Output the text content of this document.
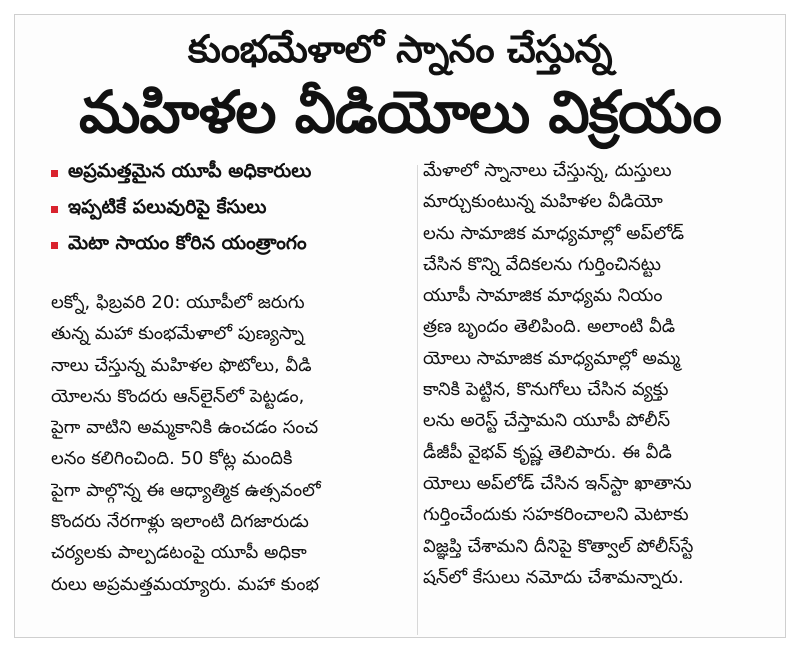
కుంభమేళాలో స్నానం చేస్తున్న
మహిళల వీడియోలు విక్రయం
అప్రమత్తమైన యూపీ అధికారులు
ఇప్పటికే పలువురిపై కేసులు
మెటా సాయం కోరిన యంత్రాంగం
లక్నో, ఫిబ్రవరి 20: యూపీలో జరుగు
తున్న మహా కుంభమేళాలో పుణ్యస్నా
నాలు చేస్తున్న మహిళల ఫొటోలు, వీడి
యోలను కొందరు ఆన్‌లైన్‌లో పెట్టడం,
పైగా వాటిని అమ్మకానికి ఉంచడం సంచ
లనం కలిగించింది. 50 కోట్ల మందికి
పైగా పాల్గొన్న ఈ ఆధ్యాత్మిక ఉత్సవంలో
కొందరు నేరగాళ్లు ఇలాంటి దిగజారుడు
చర్యలకు పాల్పడటంపై యూపీ అధికా
రులు అప్రమత్తమయ్యారు. మహా కుంభ
మేళాలో స్నానాలు చేస్తున్న, దుస్తులు
మార్చుకుంటున్న మహిళల వీడియో
లను సామాజిక మాధ్యమాల్లో అప్‌లోడ్
చేసిన కొన్ని వేదికలను గుర్తించినట్టు
యూపీ సామాజిక మాధ్యమ నియం
త్రణ బృందం తెలిపింది. అలాంటి వీడి
యోలు సామాజిక మాధ్యమాల్లో అమ్మ
కానికి పెట్టిన, కొనుగోలు చేసిన వ్యక్తు
లను అరెస్ట్ చేస్తామని యూపీ పోలీస్
డీజీపీ వైభవ్ కృష్ణ తెలిపారు. ఈ వీడి
యోలు అప్‌లోడ్ చేసిన ఇన్‌స్టా ఖాతాను
గుర్తించేందుకు సహకరించాలని మెటాకు
విజ్ఞప్తి చేశామని దీనిపై కొత్వాల్ పోలీస్‌స్టే
షన్‌లో కేసులు నమోదు చేశామన్నారు.
